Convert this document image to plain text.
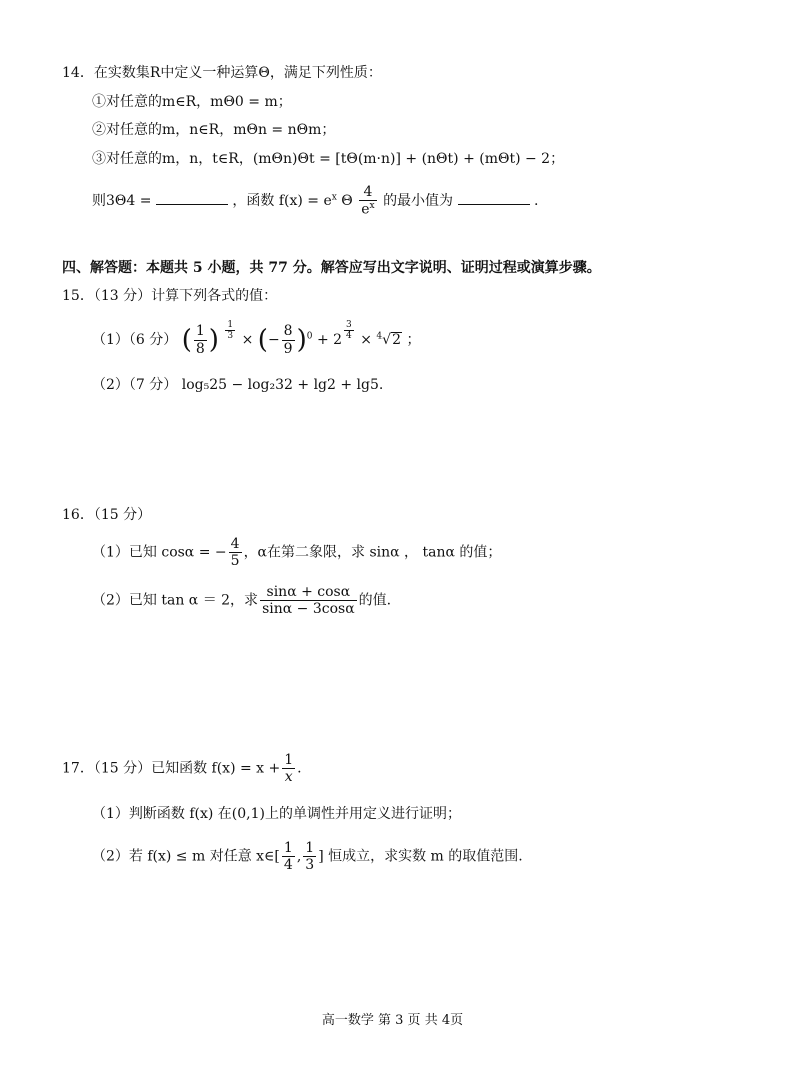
14．在实数集R中定义一种运算Θ，满足下列性质：
①对任意的m∈R，mΘ0 = m；
②对任意的m，n∈R，mΘn = nΘm；
③对任意的m，n，t∈R，(mΘn)Θt = [tΘ(m·n)] + (nΘt) + (mΘt) − 2；
则3Θ4 =	，函数 $f(x) = e^x$ Θ $\frac{4}{e^x}$ 的最小值为	.
四、解答题：本题共 5 小题，共 77 分。解答应写出文字说明、证明过程或演算步骤。
15．（13 分）计算下列各式的值：
（1）（6 分） ( $\frac{1}{8}$ ) $\frac{1}{3}$ × (− $\frac{8}{9} )^0 + 2 \frac{3}{4} \times ^4√2$ ；
（2）（7 分） log₅25 − log₂32 + lg2 + lg5.
16．（15 分）
（1）已知 cosα = − $\frac{4}{5}$ ，α在第二象限，求 sinα ， tanα 的值；
（2）已知 tan α ＝ 2，求 $\frac{\sin\alpha + \cos\alpha}{\sin\alpha - 3\cos\alpha}$ 的值.
17．（15 分）已知函数 $f(x) = x + \frac{1}{x}$ .
（1）判断函数 f(x) 在(0,1)上的单调性并用定义进行证明；
（2）若 f(x) ≤ m 对任意 x∈[ $\frac{1}{4}$ , $\frac{1}{3}$ ] 恒成立，求实数 m 的取值范围.
高一数学 第 3 页 共 4页
